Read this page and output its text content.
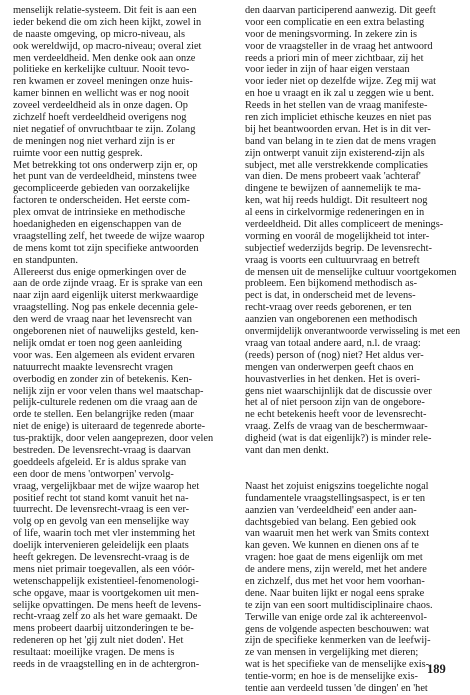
menselijk relatie-systeem. Dit feit is aan een
ieder bekend die om zich heen kijkt, zowel in
de naaste omgeving, op micro-niveau, als
ook wereldwijd, op macro-niveau; overal ziet
men verdeeldheid. Men denke ook aan onze
politieke en kerkelijke cultuur. Nooit tevo-
ren kwamen er zoveel meningen onze huis-
kamer binnen en wellicht was er nog nooit
zoveel verdeeldheid als in onze dagen. Op
zichzelf hoeft verdeeldheid overigens nog
niet negatief of onvruchtbaar te zijn. Zolang
de meningen nog niet verhard zijn is er
ruimte voor een nuttig gesprek.
Met betrekking tot ons onderwerp zijn er, op
het punt van de verdeeldheid, minstens twee
gecompliceerde gebieden van oorzakelijke
factoren te onderscheiden. Het eerste com-
plex omvat de intrinsieke en methodische
hoedanigheden en eigenschappen van de
vraagstelling zelf, het tweede de wijze waarop
de mens komt tot zijn specifieke antwoorden
en standpunten.
Allereerst dus enige opmerkingen over de
aan de orde zijnde vraag. Er is sprake van een
naar zijn aard eigenlijk uiterst merkwaardige
vraagstelling. Nog pas enkele decennia gele-
den werd de vraag naar het levensrecht van
ongeborenen niet of nauwelijks gesteld, ken-
nelijk omdat er toen nog geen aanleiding
voor was. Een algemeen als evident ervaren
natuurrecht maakte levensrecht vragen
overbodig en zonder zin of betekenis. Ken-
nelijk zijn er voor velen thans wel maatschap-
pelijk-culturele redenen om die vraag aan de
orde te stellen. Een belangrijke reden (maar
niet de enige) is uiteraard de tegenrede aborte-
tus-praktijk, door velen aangeprezen, door velen
bestreden. De levensrecht-vraag is daarvan
goeddeels afgeleid. Er is aldus sprake van
een door de mens 'ontworpen' vervolg-
vraag, vergelijkbaar met de wijze waarop het
positief recht tot stand komt vanuit het na-
tuurrecht. De levensrecht-vraag is een ver-
volg op en gevolg van een menselijke way
of life, waarin toch met vler instemming het
doelijk intervenieren geleidelijk een plaats
heeft gekregen. De levensrecht-vraag is de
mens niet primair toegevallen, als een vóór-
wetenschappelijk existentieel-fenomenologi-
sche opgave, maar is voortgekomen uit men-
selijke opvattingen. De mens heeft de levens-
recht-vraag zelf zo als het ware gemaakt. De
mens probeert daarbij uitzonderingen te be-
redeneren op het 'gij zult niet doden'. Het
resultaat: moeilijke vragen. De mens is
reeds in de vraagstelling en in de achtergron-
den daarvan participerend aanwezig. Dit geeft
voor een complicatie en een extra belasting
voor de meningsvorming. In zekere zin is
voor de vraagsteller in de vraag het antwoord
reeds a priori min of meer zichtbaar, zij het
voor ieder in zijn of haar eigen verstaan
voor ieder niet op dezelfde wijze. Zeg mij wat
en hoe u vraagt en ik zal u zeggen wie u bent.
Reeds in het stellen van de vraag manifeste-
ren zich impliciet ethische keuzes en niet pas
bij het beantwoorden ervan. Het is in dit ver-
band van belang in te zien dat de mens vragen
zijn ontwerpt vanuit zijn existerend-zijn als
subject, met alle verstrekkende complicaties
van dien. De mens probeert vaak 'achteraf'
dingene te bewijzen of aannemelijk te ma-
ken, wat hij reeds huldigt. Dit resulteert nog
al eens in cirkelvormige redeneringen en in
verdeeldheid. Dit alles compliceert de menings-
vorming en voorál de mogelijkheid tot inter-
subjectief wederzijds begrip. De levensrecht-
vraag is voorts een cultuurvraag en betreft
de mensen uit de menselijke cultuur voortgekomen
probleem. Een bijkomend methodisch as-
pect is dat, in onderscheid met de levens-
recht-vraag over reeds geborenen, er ten
aanzien van ongeborenen een methodisch
onvermijdelijk onverantwoorde verwisseling is met een
vraag van totaal andere aard, n.l. de vraag:
(reeds) person of (nog) niet? Het aldus ver-
mengen van onderwerpen geeft chaos en
houvastverlies in het denken. Het is overi-
gens niet waarschijnlijk dat de discussie over
het al of niet persoon zijn van de ongebore-
ne echt betekenis heeft voor de levensrecht-
vraag. Zelfs de vraag van de beschermwaar-
digheid (wat is dat eigenlijk?) is minder rele-
vant dan men denkt.
Naast het zojuist enigszins toegelichte nogal
fundamentele vraagstellingsaspect, is er ten
aanzien van 'verdeeldheid' een ander aan-
dachtsgebied van belang. Een gebied ook
van waaruit men het werk van Smits context
kan geven. We kunnen en dienen ons af te
vragen: hoe gaat de mens eigenlijk om met
de andere mens, zijn wereld, met het andere
en zichzelf, dus met het voor hem voorhan-
dene. Naar buiten lijkt er nogal eens sprake
te zijn van een soort multidisciplinaire chaos.
Terwille van enige orde zal ik achtereenvol-
gens de volgende aspecten beschouwen: wat
zijn de specifieke kenmerken van de leefwij-
ze van mensen in vergelijking met dieren;
wat is het specifieke van de menselijke exis-
tentie-vorm; en hoe is de menselijke exis-
tentie aan verdeeld tussen 'de dingen' en 'het
189
